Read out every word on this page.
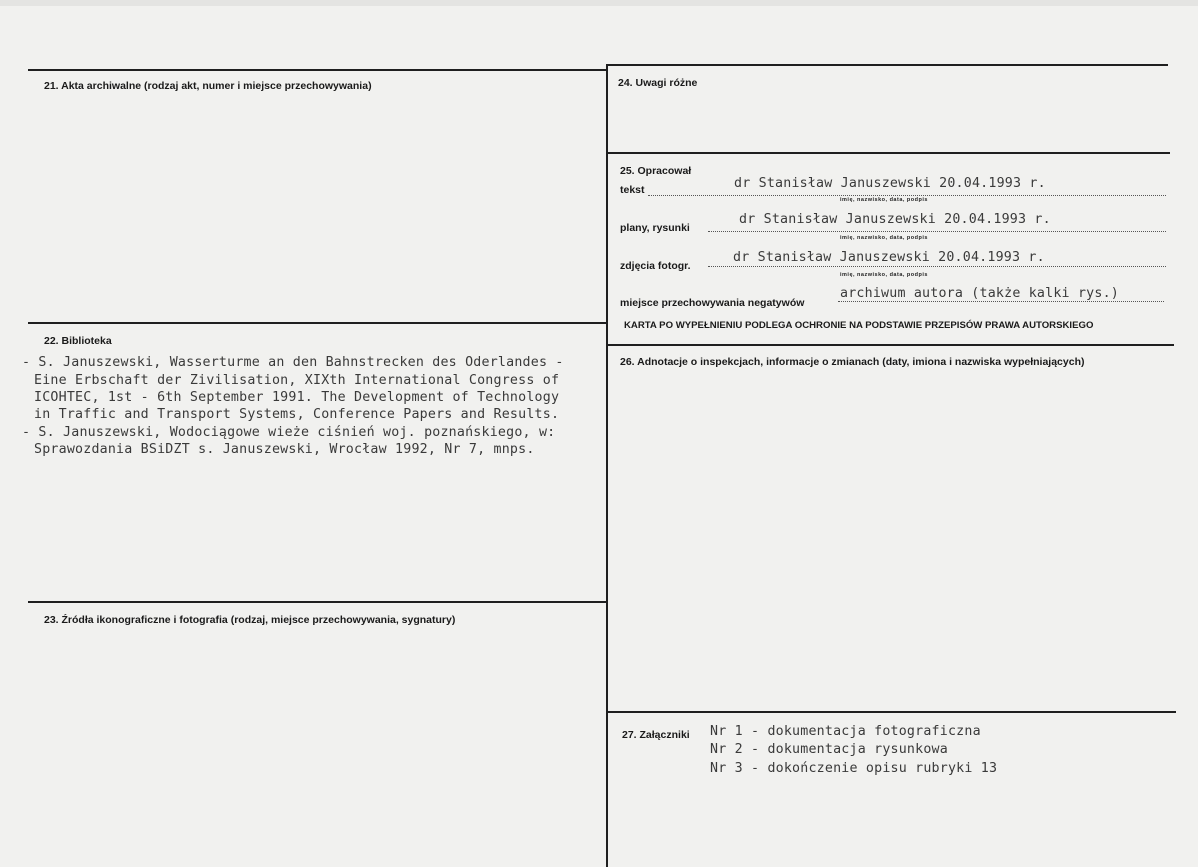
21. Akta archiwalne (rodzaj akt, numer i miejsce przechowywania)
22. Biblioteka
- S. Januszewski, Wasserturme an den Bahnstrecken des Oderlandes -
Eine Erbschaft der Zivilisation, XIXth International Congress of
ICOHTEC, 1st - 6th September 1991. The Development of Technology
in Traffic and Transport Systems, Conference Papers and Results.
- S. Januszewski, Wodociągowe wieże ciśnień woj. poznańskiego, w:
Sprawozdania BSiDZT s. Januszewski, Wrocław 1992, Nr 7, mnps.
23. Źródła ikonograficzne i fotografia (rodzaj, miejsce przechowywania, sygnatury)
24. Uwagi różne
25. Opracował
tekst	dr Stanisław Januszewski 20.04.1993 r.
imię, nazwisko, data, podpis
plany, rysunki
dr Stanisław Januszewski 20.04.1993 r.
imię, nazwisko, data, podpis
zdjęcia fotogr.
dr Stanisław Januszewski 20.04.1993 r.
imię, nazwisko, data, podpis
miejsce przechowywania negatywów
archiwum autora (także kalki rys.)
KARTA PO WYPEŁNIENIU PODLEGA OCHRONIE NA PODSTAWIE PRZEPISÓW PRAWA AUTORSKIEGO
26. Adnotacje o inspekcjach, informacje o zmianach (daty, imiona i nazwiska wypełniających)
27. Załączniki Nr 1 - dokumentacja fotograficzna
Nr 2 - dokumentacja rysunkowa
Nr 3 - dokończenie opisu rubryki 13
